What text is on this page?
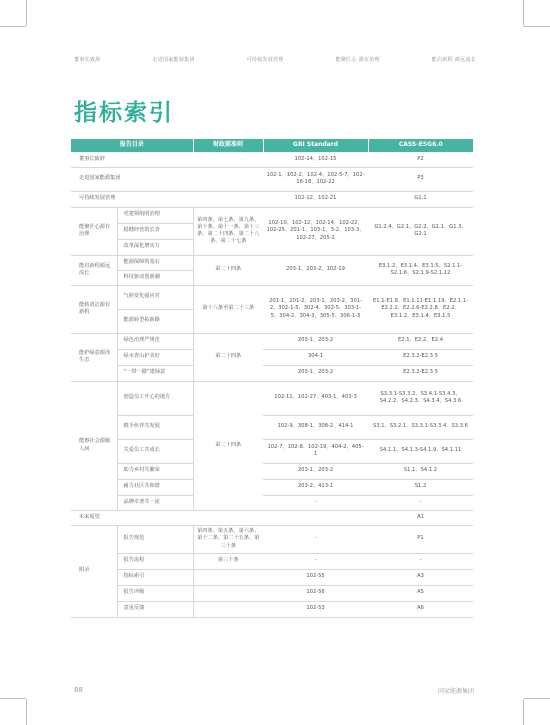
董事长致辞	走进国家能源集团	可持续发展管理	能聚匠心 源在治理	能启新程 源远流长
指标索引
报告目录		财政部准则	GRI Standard	CASS-ESG6.0
董事长致辞			102-14、102-15	P2
走进国家能源集团			102-1、102-2、102-4、102-5-7、102-16-18、102-22	P3
可持续发展管理			102-12、102-21	G1.1
能聚匠心源在治理	党建领航明治理	第四条、第七条、第九条、第十条、第十一条、第十三条、第二十四条、第二十八条、第二十七条	102-10、102-12、102-14、102-22、102-25、201-1、103-1、3-2、103-3、102-27、205-2	G1.2.4、G2.1、G2.2、G1.1、G1.3、G2.1
	稳健经营筑长青			
	改革深化增实力			
能启新程源远流长	能源保障筑基石	第二十四条	203-1、203-2、102-19	E3.1.2、E3.1.4、E3.1.5、S2.1.1-S2.1.6、S2.1.9-S2.1.12
	科技驱动创新潮			
能转清洁源有新机	气候变化强应对	第十八条至第二十三条	201-1、201-2、203-1、203-2、301-2、302-1-5、302-4、302-5、303-1-5、304-2、304-3、305-5、306-1-3	E1.1-E1.8、E1.1.11-E1.1.19、E2.1.1-E2.2.2、E2.2.6-E2.2.8、E2.2、E3.1.2、E3.1.4、E3.1.5
	能源转型拓新路			
能护绿意源泽生态	绿色治理严规范	第二十四条	203-1、203-2	E2.1、E2.2、E2.4
	绿水青山护美好		304-1	E2.3.2-E2.3.5
	“一带一路”建绿意		203-1、203-2	E2.3.2-E2.3.5
能惠社会源履人间	创造员工开心的地方	第二十四条	102-11、102-27、403-1、403-3	S3.3.1-S3.3.2、S3.4.1-S3.4.3、S4.2.2、S4.2.3、S4.3.4、S4.3.6
	携手伙伴共发展		102-9、308-1、308-2、414-1	S3.1、S3.2.1、S3.3.1-S3.3.4、S3.3.6
	关爱员工共成长		102-7、102-8、102-19、404-2、405-1	S4.1.1、S4.1.3-S4.1.9、S4.1.11
	助力乡村共繁荣		203-1、203-2	S1.1、S4.1.2
	耐力社区共和谐		203-2、413-1	S1.2
	品牌卓著共一流		-	-
未来展望				A1
附录	报告规范	第四条、第五条、第六条、第十二条、第二十五条、第三十条	-	P1
	报告流程	第三十条	-	-
	指标索引		102-55	A3
	报告评级		102-56	A5
	意见反馈		102-53	A6
88	国家能源集团
